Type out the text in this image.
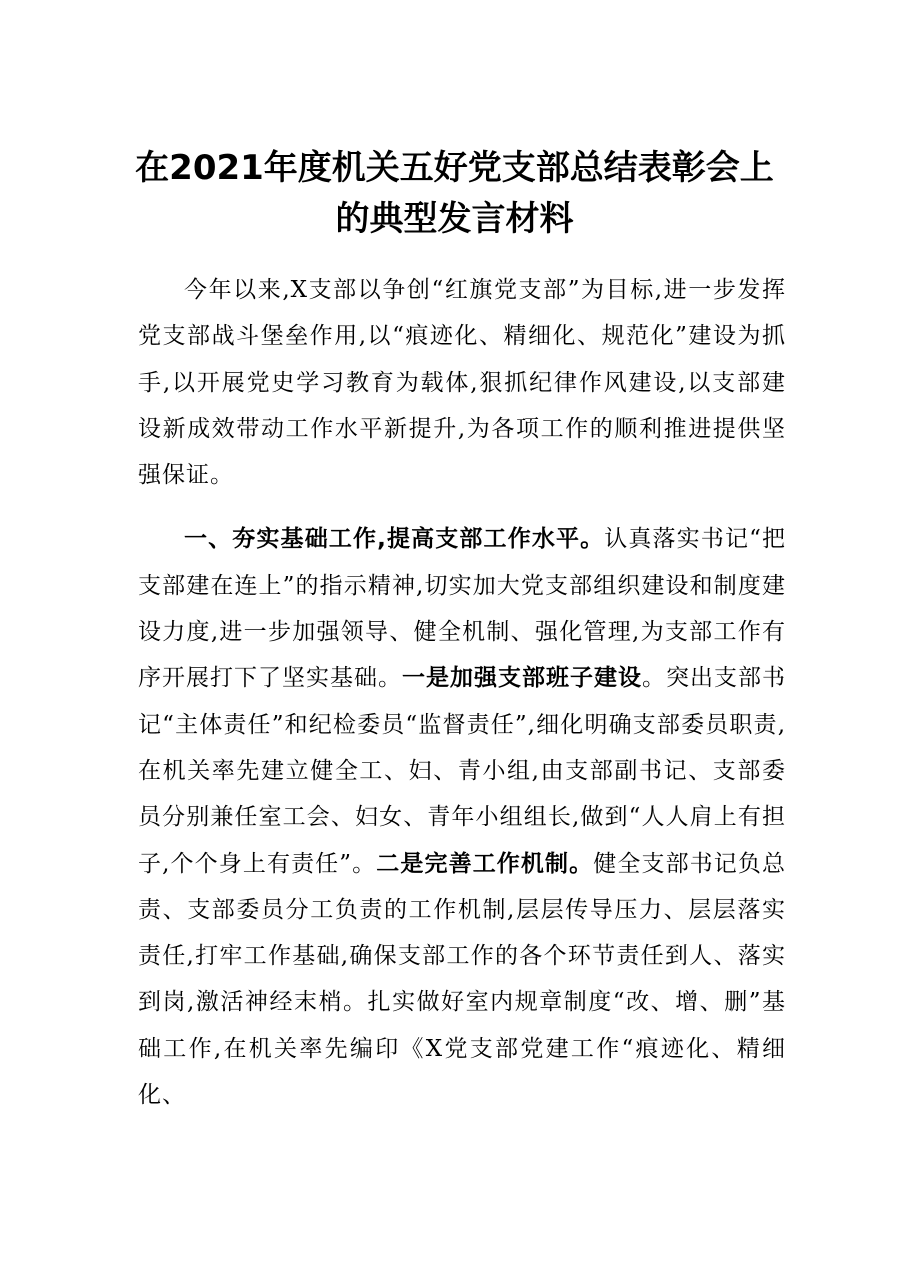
在2021年度机关五好党支部总结表彰会上
的典型发言材料

今年以来,X支部以争创“红旗党支部”为目标,进一步发挥党支部战斗堡垒作用,以“痕迹化、精细化、规范化”建设为抓手,以开展党史学习教育为载体,狠抓纪律作风建设,以支部建设新成效带动工作水平新提升,为各项工作的顺利推进提供坚强保证。

一、夯实基础工作,提高支部工作水平。认真落实书记“把支部建在连上”的指示精神,切实加大党支部组织建设和制度建设力度,进一步加强领导、健全机制、强化管理,为支部工作有序开展打下了坚实基础。一是加强支部班子建设。突出支部书记“主体责任”和纪检委员“监督责任”,细化明确支部委员职责,在机关率先建立健全工、妇、青小组,由支部副书记、支部委员分别兼任室工会、妇女、青年小组组长,做到“人人肩上有担子,个个身上有责任”。二是完善工作机制。健全支部书记负总责、支部委员分工负责的工作机制,层层传导压力、层层落实责任,打牢工作基础,确保支部工作的各个环节责任到人、落实到岗,激活神经末梢。扎实做好室内规章制度“改、增、删”基础工作,在机关率先编印《X党支部党建工作“痕迹化、精细化、
